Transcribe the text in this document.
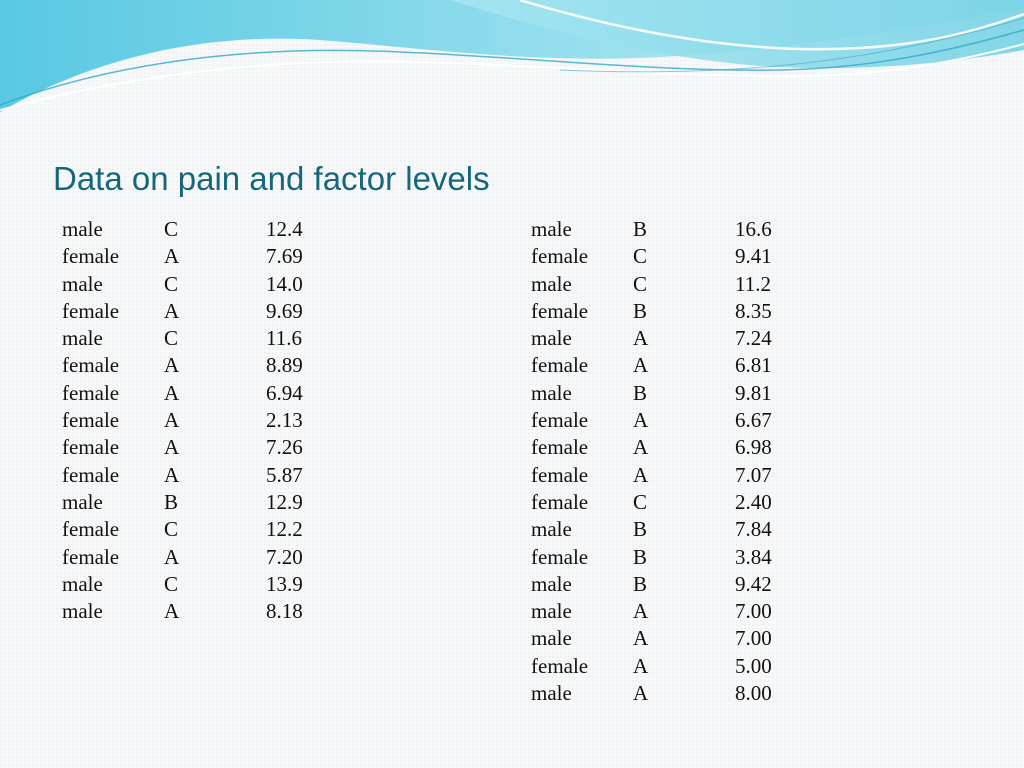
Data on pain and factor levels
male	C	12.4
female A	7.69
male	C	14.0
female A	9.69
male	C	11.6
female A	8.89
female A	6.94
female A	2.13
female A	7.26
female A	5.87
male	B	12.9
female C	12.2
female A	7.20
male	C	13.9
male	A	8.18
male	B	16.6
female C	9.41
male	C	11.2
female B	8.35
male	A	7.24
female A	6.81
male	B	9.81
female A	6.67
female A	6.98
female A	7.07
female C	2.40
male	B	7.84
female B	3.84
male	B	9.42
male	A	7.00
male	A	7.00
female A	5.00
male	A	8.00
